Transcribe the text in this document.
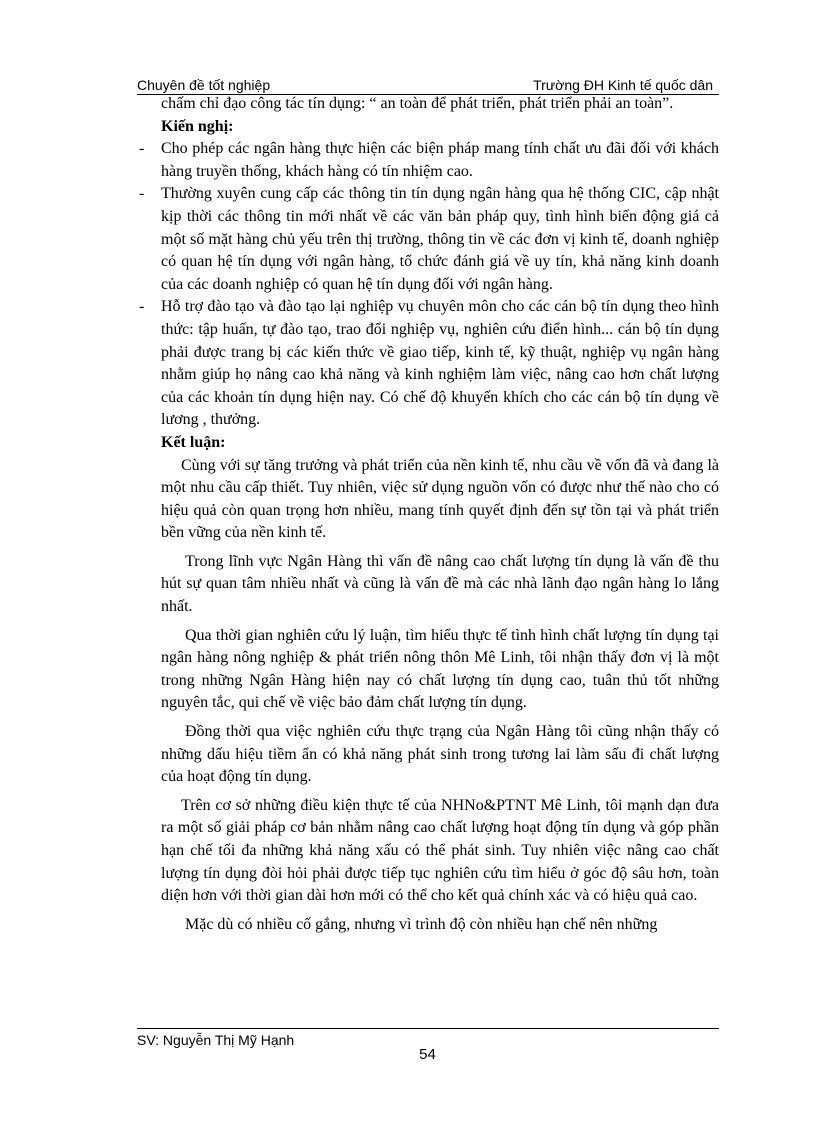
Chuyên đề tốt nghiệp	Trường ĐH Kinh tế quốc dân

chấm chỉ đạo công tác tín dụng: “ an toàn để phát triển, phát triển phải an toàn”.

Kiến nghị:

- Cho phép các ngân hàng thực hiện các biện pháp mang tính chất ưu đãi đối với khách hàng truyền thống, khách hàng có tín nhiệm cao.
- Thường xuyên cung cấp các thông tin tín dụng ngân hàng qua hệ thống CIC, cập nhật kịp thời các thông tin mới nhất về các văn bản pháp quy, tình hình biến động giá cả một số mặt hàng chủ yếu trên thị trường, thông tin về các đơn vị kinh tế, doanh nghiệp có quan hệ tín dụng với ngân hàng, tổ chức đánh giá về uy tín, khả năng kinh doanh của các doanh nghiệp có quan hệ tín dụng đối với ngân hàng.
- Hỗ trợ đào tạo và đào tạo lại nghiệp vụ chuyên môn cho các cán bộ tín dụng theo hình thức: tập huấn, tự đào tạo, trao đổi nghiệp vụ, nghiên cứu điển hình... cán bộ tín dụng phải được trang bị các kiến thức về giao tiếp, kinh tế, kỹ thuật, nghiệp vụ ngân hàng nhằm giúp họ nâng cao khả năng và kinh nghiệm làm việc, nâng cao hơn chất lượng của các khoản tín dụng hiện nay. Có chế độ khuyến khích cho các cán bộ tín dụng về lương , thưởng.

Kết luận:

Cùng với sự tăng trưởng và phát triển của nền kinh tế, nhu cầu về vốn đã và đang là một nhu cầu cấp thiết. Tuy nhiên, việc sử dụng nguồn vốn có được như thế nào cho có hiệu quả còn quan trọng hơn nhiều, mang tính quyết định đến sự tồn tại và phát triển bền vững của nền kinh tế.

Trong lĩnh vực Ngân Hàng thì vấn đề nâng cao chất lượng tín dụng là vấn đề thu hút sự quan tâm nhiều nhất và cũng là vấn đề mà các nhà lãnh đạo ngân hàng lo lắng nhất.

Qua thời gian nghiên cứu lý luận, tìm hiểu thực tế tình hình chất lượng tín dụng tại ngân hàng nông nghiệp & phát triển nông thôn Mê Linh, tôi nhận thấy đơn vị là một trong những Ngân Hàng hiện nay có chất lượng tín dụng cao, tuân thủ tốt những nguyên tắc, qui chế về việc bảo đảm chất lượng tín dụng.

Đồng thời qua việc nghiên cứu thực trạng của Ngân Hàng tôi cũng nhận thấy có những dấu hiệu tiềm ẩn có khả năng phát sinh trong tương lai làm sấu đi chất lượng của hoạt động tín dụng.

Trên cơ sở những điều kiện thực tế của NHNo&PTNT Mê Linh, tôi mạnh dạn đưa ra một số giải pháp cơ bản nhằm nâng cao chất lượng hoạt động tín dụng và góp phần hạn chế tối đa những khả năng xấu có thể phát sinh. Tuy nhiên việc nâng cao chất lượng tín dụng đòi hỏi phải được tiếp tục nghiên cứu tìm hiểu ở góc độ sâu hơn, toàn diện hơn với thời gian dài hơn mới có thể cho kết quả chính xác và có hiệu quả cao.

Mặc dù có nhiều cố gắng, nhưng vì trình độ còn nhiều hạn chế nên những

SV: Nguyễn Thị Mỹ Hạnh
54
